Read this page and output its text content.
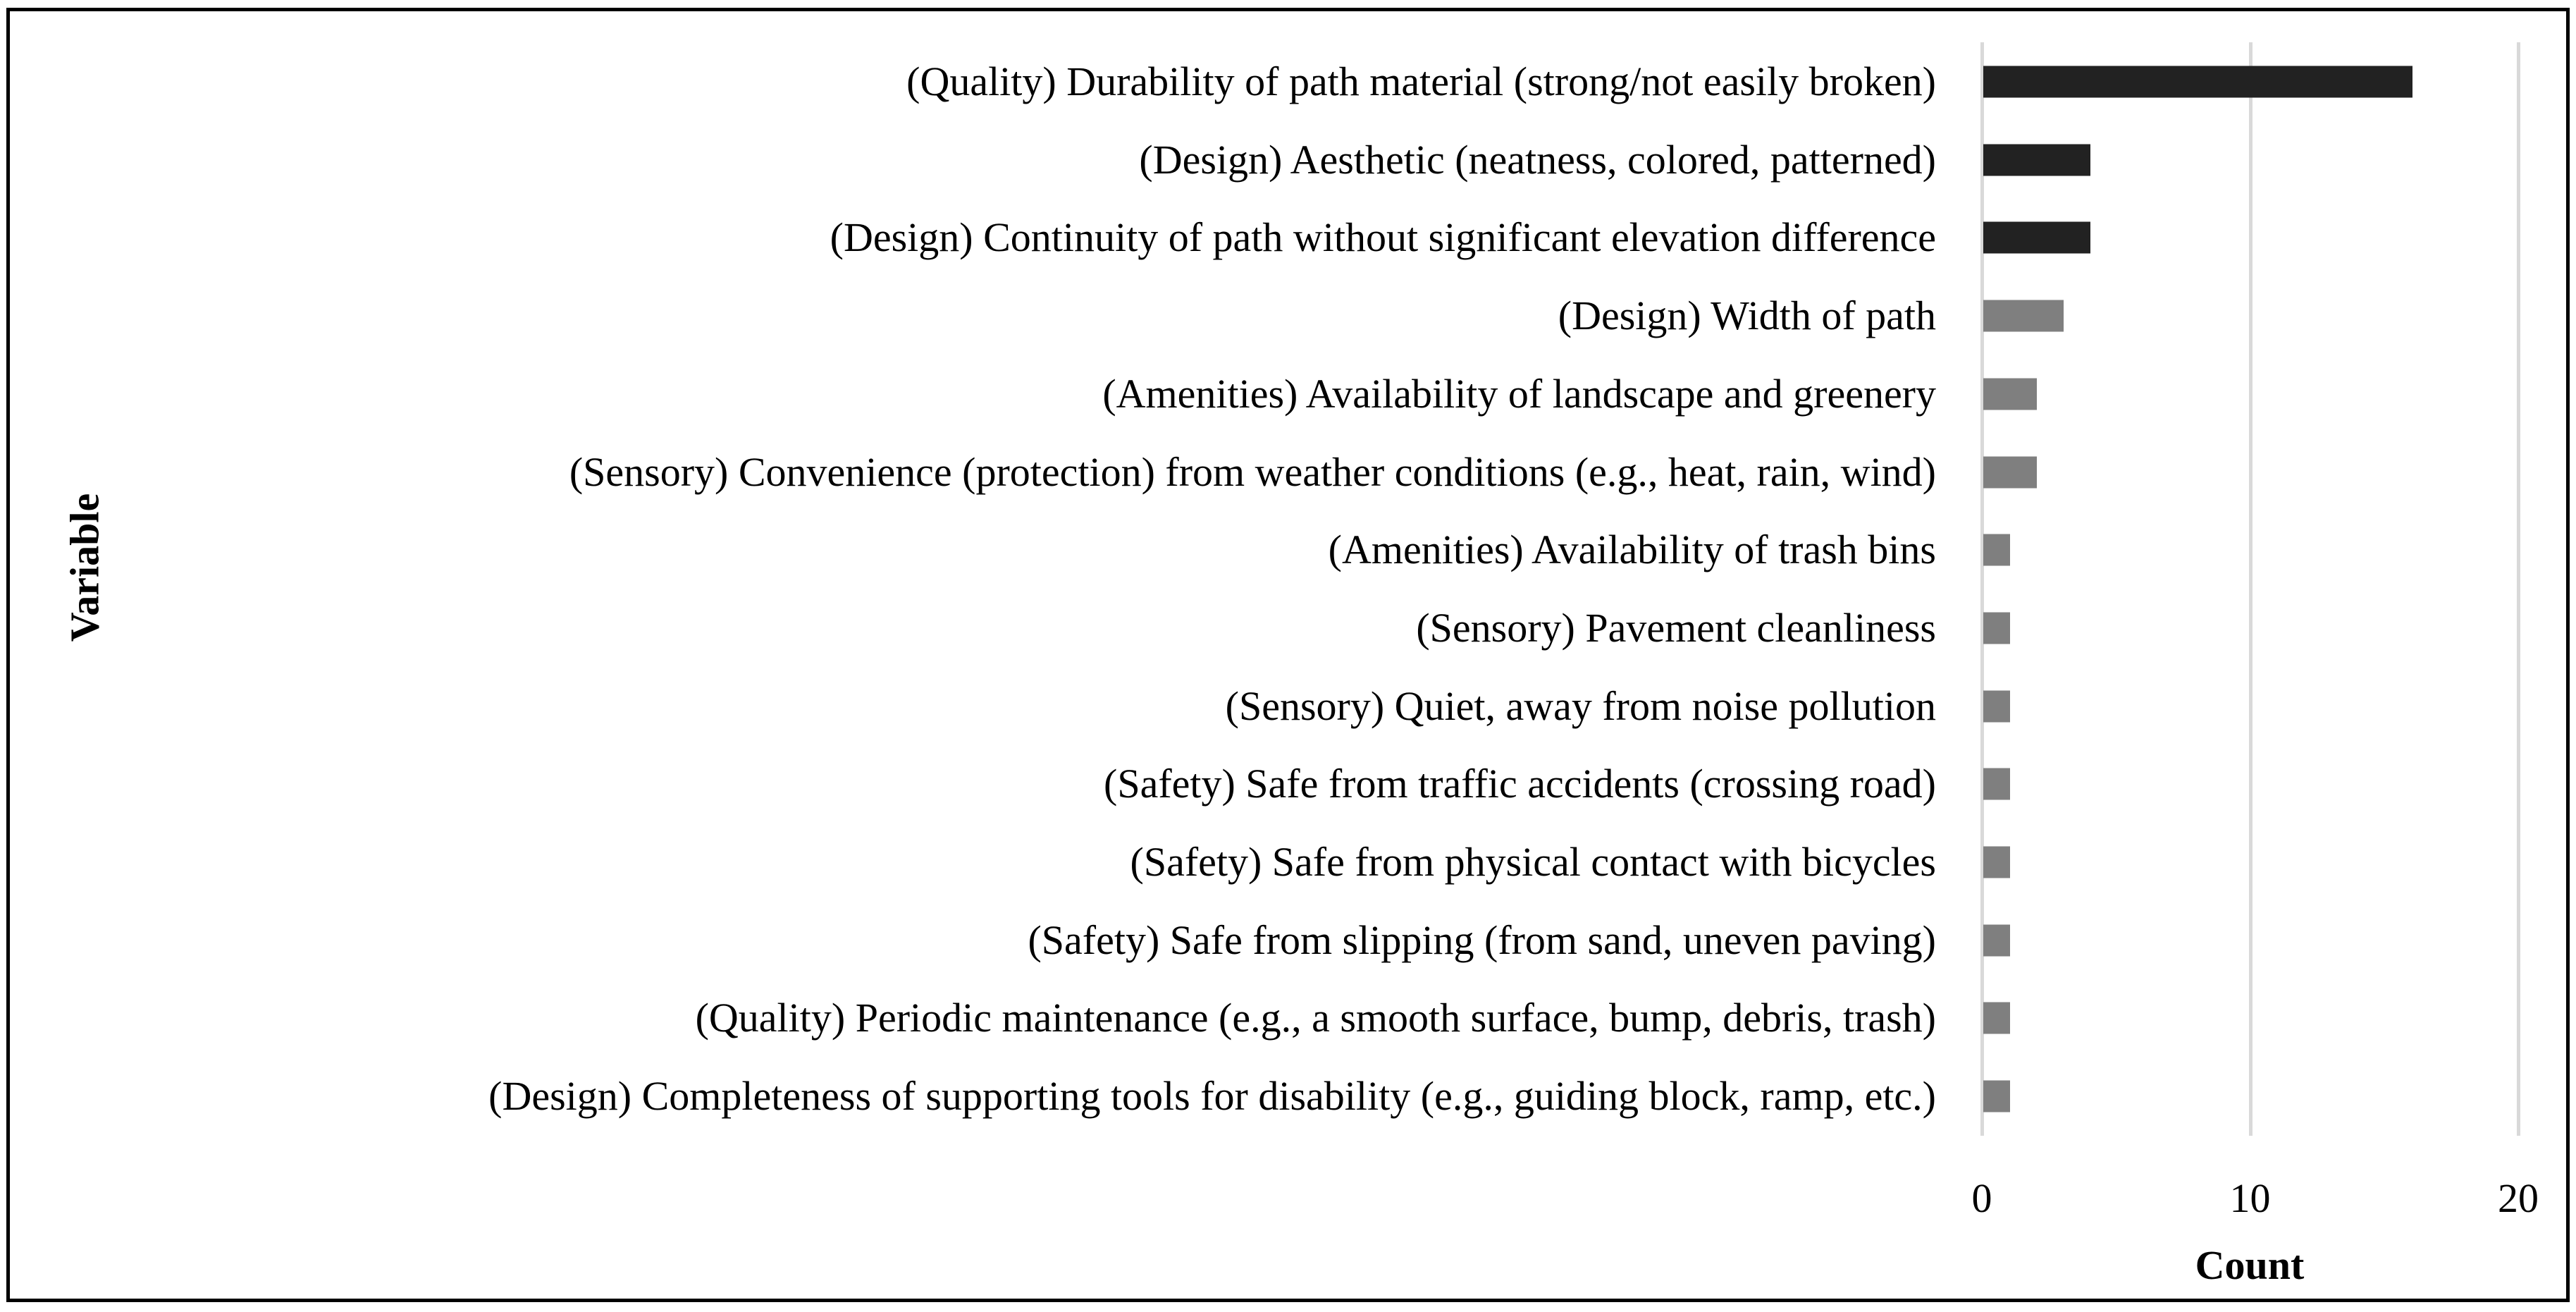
0	10	20
(Quality) Durability of path material (strong/not easily broken)
(Design) Aesthetic (neatness, colored, patterned)
(Design) Continuity of path without significant elevation difference
(Design) Width of path
(Amenities) Availability of landscape and greenery
(Sensory) Convenience (protection) from weather conditions (e.g., heat, rain, wind)
(Amenities) Availability of trash bins
(Sensory) Pavement cleanliness
(Sensory) Quiet, away from noise pollution
(Safety) Safe from traffic accidents (crossing road)
(Safety) Safe from physical contact with bicycles
(Safety) Safe from slipping (from sand, uneven paving)
(Quality) Periodic maintenance (e.g., a smooth surface, bump, debris, trash)
(Design) Completeness of supporting tools for disability (e.g., guiding block, ramp, etc.)
Variable
Count
